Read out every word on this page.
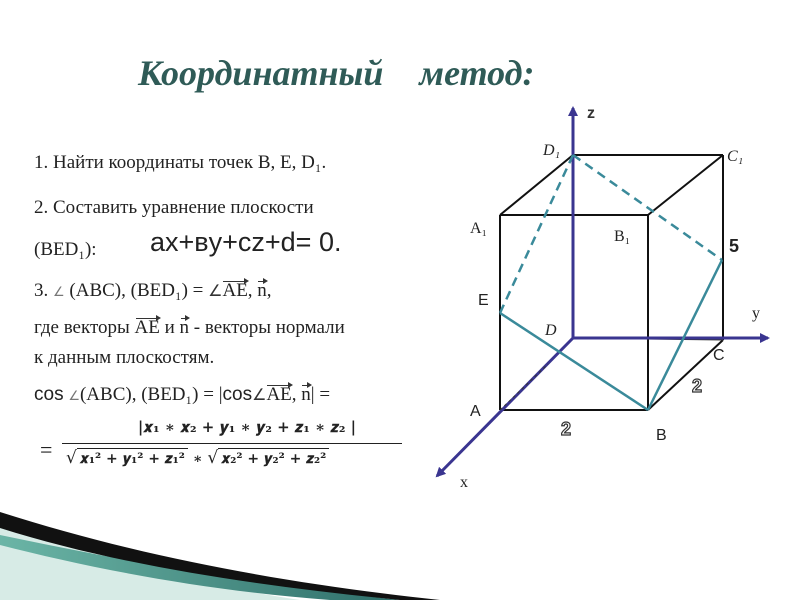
Координатный    метод:
1. Найти координаты точек B, E, D₁.
2. Составить уравнение плоскости
(BED₁): ax+вy+cz+d= 0.
3. ∠ (ABC), (BED₁) = ∠AE, n,
где векторы AE и n - векторы нормали
к данным плоскостям.
cos ∠(ABC), (BED₁) = |cos∠AE, n| =
=
|𝒙₁ ∗ 𝒙₂ + 𝒚₁ ∗ 𝒚₂ + 𝒛₁ ∗ 𝒛₂ |
√ 𝒙₁² + 𝒚₁² + 𝒛₁² ∗ √ 𝒙₂² + 𝒚₂² + 𝒛₂²
z
y
x
D₁	C₁
A₁	B₁
E
D
C
A
B
5
2
2
